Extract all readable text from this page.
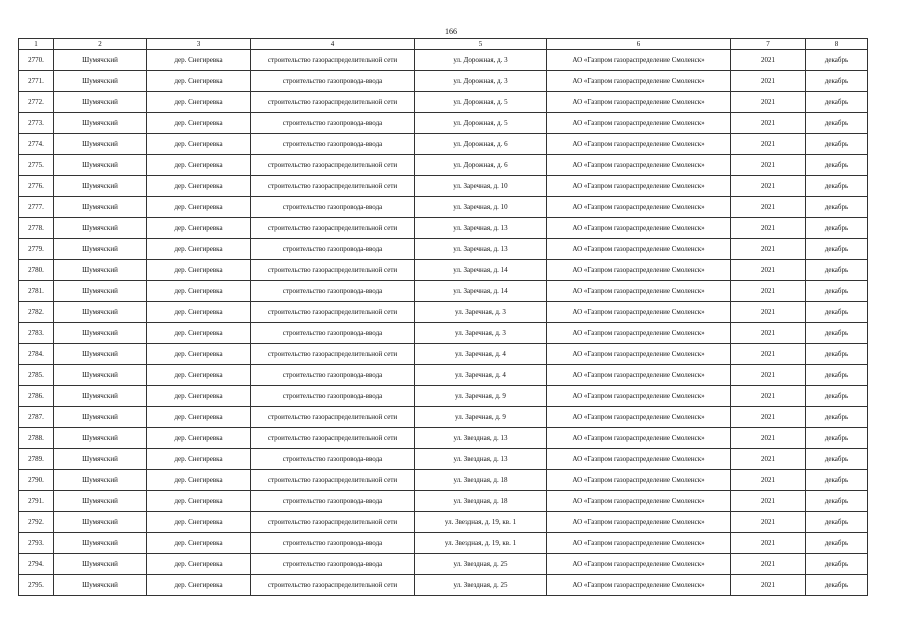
166
1	2	3	4	5	6	7	8
2770.	Шумячский	дер. Снегиревка	строительство газораспределительной сети	ул. Дорожная, д. 3	АО «Газпром газораспределение Смоленск»	2021	декабрь
2771.	Шумячский	дер. Снегиревка	строительство газопровода-ввода	ул. Дорожная, д. 3	АО «Газпром газораспределение Смоленск»	2021	декабрь
2772.	Шумячский	дер. Снегиревка	строительство газораспределительной сети	ул. Дорожная, д. 5	АО «Газпром газораспределение Смоленск»	2021	декабрь
2773.	Шумячский	дер. Снегиревка	строительство газопровода-ввода	ул. Дорожная, д. 5	АО «Газпром газораспределение Смоленск»	2021	декабрь
2774.	Шумячский	дер. Снегиревка	строительство газопровода-ввода	ул. Дорожная, д. 6	АО «Газпром газораспределение Смоленск»	2021	декабрь
2775.	Шумячский	дер. Снегиревка	строительство газораспределительной сети	ул. Дорожная, д. 6	АО «Газпром газораспределение Смоленск»	2021	декабрь
2776.	Шумячский	дер. Снегиревка	строительство газораспределительной сети	ул. Заречная, д. 10	АО «Газпром газораспределение Смоленск»	2021	декабрь
2777.	Шумячский	дер. Снегиревка	строительство газопровода-ввода	ул. Заречная, д. 10	АО «Газпром газораспределение Смоленск»	2021	декабрь
2778.	Шумячский	дер. Снегиревка	строительство газораспределительной сети	ул. Заречная, д. 13	АО «Газпром газораспределение Смоленск»	2021	декабрь
2779.	Шумячский	дер. Снегиревка	строительство газопровода-ввода	ул. Заречная, д. 13	АО «Газпром газораспределение Смоленск»	2021	декабрь
2780.	Шумячский	дер. Снегиревка	строительство газораспределительной сети	ул. Заречная, д. 14	АО «Газпром газораспределение Смоленск»	2021	декабрь
2781.	Шумячский	дер. Снегиревка	строительство газопровода-ввода	ул. Заречная, д. 14	АО «Газпром газораспределение Смоленск»	2021	декабрь
2782.	Шумячский	дер. Снегиревка	строительство газораспределительной сети	ул. Заречная, д. 3	АО «Газпром газораспределение Смоленск»	2021	декабрь
2783.	Шумячский	дер. Снегиревка	строительство газопровода-ввода	ул. Заречная, д. 3	АО «Газпром газораспределение Смоленск»	2021	декабрь
2784.	Шумячский	дер. Снегиревка	строительство газораспределительной сети	ул. Заречная, д. 4	АО «Газпром газораспределение Смоленск»	2021	декабрь
2785.	Шумячский	дер. Снегиревка	строительство газопровода-ввода	ул. Заречная, д. 4	АО «Газпром газораспределение Смоленск»	2021	декабрь
2786.	Шумячский	дер. Снегиревка	строительство газопровода-ввода	ул. Заречная, д. 9	АО «Газпром газораспределение Смоленск»	2021	декабрь
2787.	Шумячский	дер. Снегиревка	строительство газораспределительной сети	ул. Заречная, д. 9	АО «Газпром газораспределение Смоленск»	2021	декабрь
2788.	Шумячский	дер. Снегиревка	строительство газораспределительной сети	ул. Звездная, д. 13	АО «Газпром газораспределение Смоленск»	2021	декабрь
2789.	Шумячский	дер. Снегиревка	строительство газопровода-ввода	ул. Звездная, д. 13	АО «Газпром газораспределение Смоленск»	2021	декабрь
2790.	Шумячский	дер. Снегиревка	строительство газораспределительной сети	ул. Звездная, д. 18	АО «Газпром газораспределение Смоленск»	2021	декабрь
2791.	Шумячский	дер. Снегиревка	строительство газопровода-ввода	ул. Звездная, д. 18	АО «Газпром газораспределение Смоленск»	2021	декабрь
2792.	Шумячский	дер. Снегиревка	строительство газораспределительной сети	ул. Звездная, д. 19, кв. 1	АО «Газпром газораспределение Смоленск»	2021	декабрь
2793.	Шумячский	дер. Снегиревка	строительство газопровода-ввода	ул. Звездная, д. 19, кв. 1	АО «Газпром газораспределение Смоленск»	2021	декабрь
2794.	Шумячский	дер. Снегиревка	строительство газопровода-ввода	ул. Звездная, д. 25	АО «Газпром газораспределение Смоленск»	2021	декабрь
2795.	Шумячский	дер. Снегиревка	строительство газораспределительной сети	ул. Звездная, д. 25	АО «Газпром газораспределение Смоленск»	2021	декабрь
